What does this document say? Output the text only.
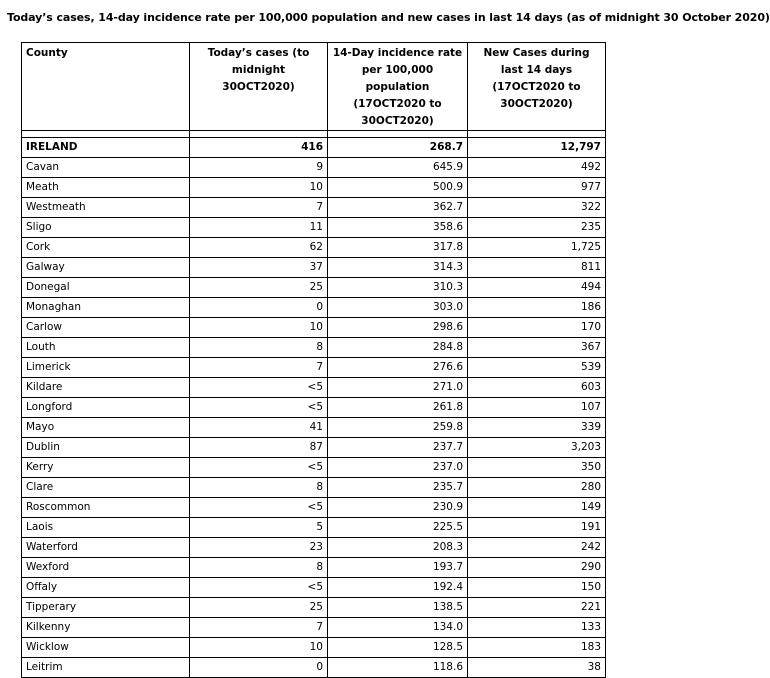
Today’s cases, 14-day incidence rate per 100,000 population and new cases in last 14 days (as of midnight 30 October 2020)
County	Today’s cases (to midnight 30OCT2020)	14-Day incidence rate per 100,000 population (17OCT2020 to 30OCT2020)	New Cases during last 14 days (17OCT2020 to 30OCT2020)

IRELAND	416	268.7	12,797
Cavan	9	645.9	492
Meath	10	500.9	977
Westmeath	7	362.7	322
Sligo	11	358.6	235
Cork	62	317.8	1,725
Galway	37	314.3	811
Donegal	25	310.3	494
Monaghan	0	303.0	186
Carlow	10	298.6	170
Louth	8	284.8	367
Limerick	7	276.6	539
Kildare	<5	271.0	603
Longford	<5	261.8	107
Mayo	41	259.8	339
Dublin	87	237.7	3,203
Kerry	<5	237.0	350
Clare	8	235.7	280
Roscommon	<5	230.9	149
Laois	5	225.5	191
Waterford	23	208.3	242
Wexford	8	193.7	290
Offaly	<5	192.4	150
Tipperary	25	138.5	221
Kilkenny	7	134.0	133
Wicklow	10	128.5	183
Leitrim	0	118.6	38
